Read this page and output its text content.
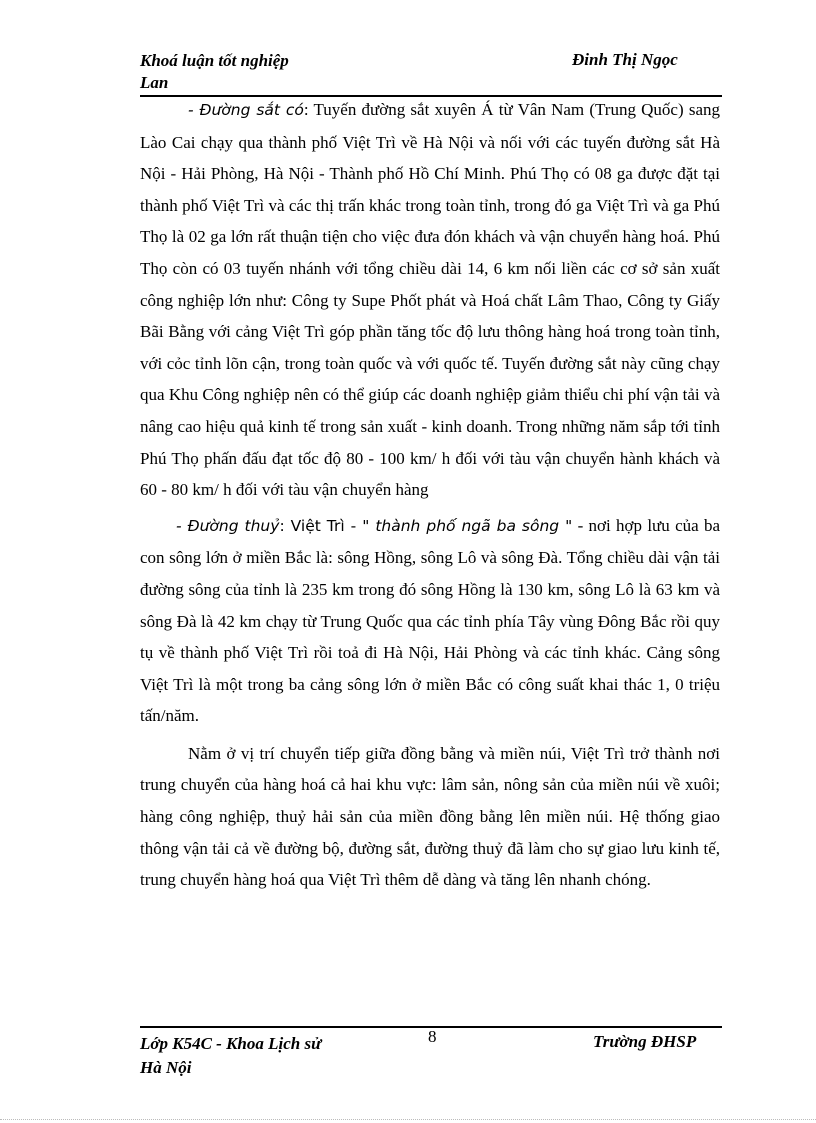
Khoá luận tốt nghiệp
Lan
Đinh Thị Ngọc

- Đường sắt có: Tuyến đường sắt xuyên Á từ Vân Nam (Trung Quốc) sang Lào Cai chạy qua thành phố Việt Trì về Hà Nội và nối với các tuyến đường sắt Hà Nội - Hải Phòng, Hà Nội - Thành phố Hồ Chí Minh. Phú Thọ có 08 ga được đặt tại thành phố Việt Trì và các thị trấn khác trong toàn tỉnh, trong đó ga Việt Trì và ga Phú Thọ là 02 ga lớn rất thuận tiện cho việc đưa đón khách và vận chuyển hàng hoá. Phú Thọ còn có 03 tuyến nhánh với tổng chiều dài 14, 6 km nối liền các cơ sở sản xuất công nghiệp lớn như: Công ty Supe Phốt phát và Hoá chất Lâm Thao, Công ty Giấy Bãi Bằng với cảng Việt Trì góp phần tăng tốc độ lưu thông hàng hoá trong toàn tỉnh, với cỏc tỉnh lõn cận, trong toàn quốc và với quốc tế. Tuyến đường sắt này cũng chạy qua Khu Công nghiệp nên có thể giúp các doanh nghiệp giảm thiểu chi phí vận tải và nâng cao hiệu quả kinh tế trong sản xuất - kinh doanh. Trong những năm sắp tới tỉnh Phú Thọ phấn đấu đạt tốc độ 80 - 100 km/ h đối với tàu vận chuyển hành khách và 60 - 80 km/ h đối với tàu vận chuyển hàng

- Đường thuỷ: Việt Trì - " thành phố ngã ba sông " - nơi hợp lưu của ba con sông lớn ở miền Bắc là: sông Hồng, sông Lô và sông Đà. Tổng chiều dài vận tải đường sông của tỉnh là 235 km trong đó sông Hồng là 130 km, sông Lô là 63 km và sông Đà là 42 km chạy từ Trung Quốc qua các tỉnh phía Tây vùng Đông Bắc rồi quy tụ về thành phố Việt Trì rồi toả đi Hà Nội, Hải Phòng và các tỉnh khác. Cảng sông Việt Trì là một trong ba cảng sông lớn ở miền Bắc có công suất khai thác 1, 0 triệu tấn/năm.

Nằm ở vị trí chuyển tiếp giữa đồng bằng và miền núi, Việt Trì trở thành nơi trung chuyển của hàng hoá cả hai khu vực: lâm sản, nông sản của miền núi về xuôi; hàng công nghiệp, thuỷ hải sản của miền đồng bằng lên miền núi. Hệ thống giao thông vận tải cả về đường bộ, đường sắt, đường thuỷ đã làm cho sự giao lưu kinh tế, trung chuyển hàng hoá qua Việt Trì thêm dễ dàng và tăng lên nhanh chóng.

Lớp K54C - Khoa Lịch sử
Hà Nội
8	Trường ĐHSP
